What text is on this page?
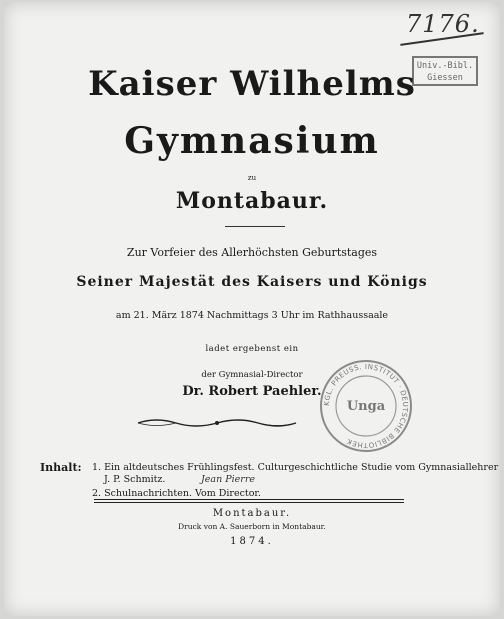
7176.
Univ.-Bibl.
Giessen
Kaiser Wilhelms
Gymnasium
zu
Montabaur.
Zur Vorfeier des Allerhöchsten Geburtstages
Seiner Majestät des Kaisers und Königs
am 21. März 1874 Nachmittags 3 Uhr im Rathhaussaale
ladet ergebenst ein
der Gymnasial-Director
Dr. Robert Paehler.
KGL. PREUSS. INSTITUT · DEUTSCHE BIBLIOTHEK
Unga
Inhalt: 1. Ein altdeutsches Frühlingsfest. Culturgeschichtliche Studie vom Gymnasiallehrer
J. P. Schmitz.	Jean Pierre
2. Schulnachrichten. Vom Director.
Montabaur.
Druck von A. Sauerborn in Montabaur.
1874.
